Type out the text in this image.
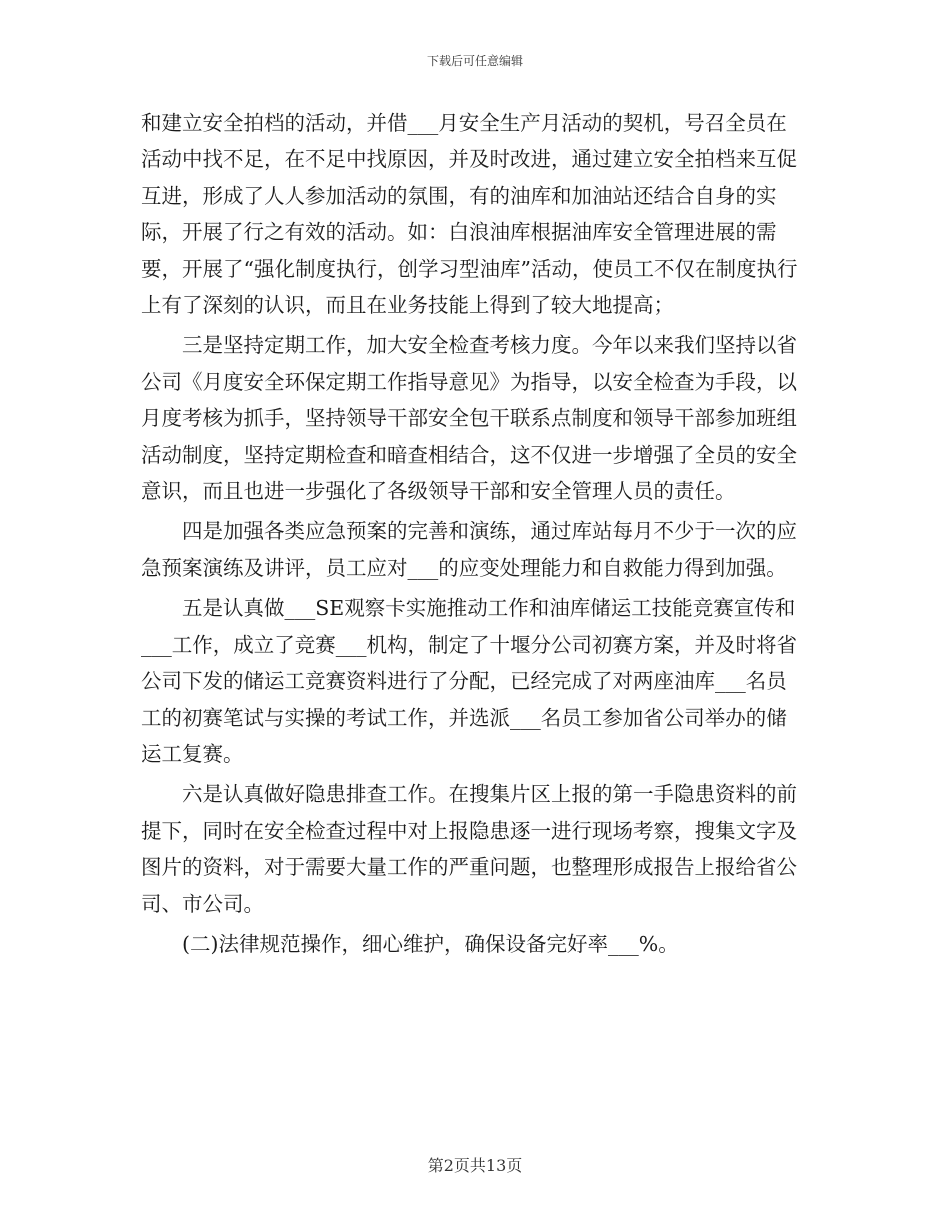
下载后可任意编辑

和建立安全拍档的活动，并借___月安全生产月活动的契机，号召全员在活动中找不足，在不足中找原因，并及时改进，通过建立安全拍档来互促互进，形成了人人参加活动的氛围，有的油库和加油站还结合自身的实际，开展了行之有效的活动。如：白浪油库根据油库安全管理进展的需要，开展了“强化制度执行，创学习型油库”活动，使员工不仅在制度执行上有了深刻的认识，而且在业务技能上得到了较大地提高；

三是坚持定期工作，加大安全检查考核力度。今年以来我们坚持以省公司《月度安全环保定期工作指导意见》为指导，以安全检查为手段，以月度考核为抓手，坚持领导干部安全包干联系点制度和领导干部参加班组活动制度，坚持定期检查和暗查相结合，这不仅进一步增强了全员的安全意识，而且也进一步强化了各级领导干部和安全管理人员的责任。

四是加强各类应急预案的完善和演练，通过库站每月不少于一次的应急预案演练及讲评，员工应对___的应变处理能力和自救能力得到加强。

五是认真做___SE观察卡实施推动工作和油库储运工技能竞赛宣传和___工作，成立了竞赛___机构，制定了十堰分公司初赛方案，并及时将省公司下发的储运工竞赛资料进行了分配，已经完成了对两座油库___名员工的初赛笔试与实操的考试工作，并选派___名员工参加省公司举办的储运工复赛。

六是认真做好隐患排查工作。在搜集片区上报的第一手隐患资料的前提下，同时在安全检查过程中对上报隐患逐一进行现场考察，搜集文字及图片的资料，对于需要大量工作的严重问题，也整理形成报告上报给省公司、市公司。

(二)法律规范操作，细心维护，确保设备完好率___%。

第2页共13页
